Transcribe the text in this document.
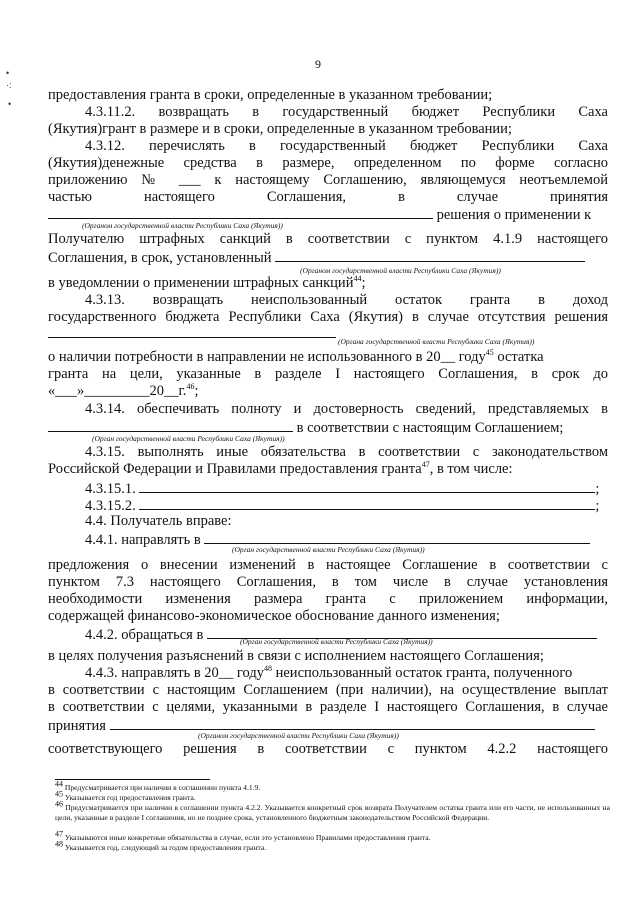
9
•
·:
•
предоставления гранта в сроки, определенные в указанном требовании;
4.3.11.2. возвращать в государственный бюджет Республики Саха
(Якутия)грант в размере и в сроки, определенные в указанном требовании;
4.3.12. перечислять в государственный бюджет Республики Саха
(Якутия)денежные средства в размере, определенном по форме согласно
приложению № ___ к настоящему Соглашению, являющемуся неотъемлемой
частью настоящего Соглашения, в случае принятия
решения о применении к
(Органом государственной власти Республики Саха (Якутия))
Получателю штрафных санкций в соответствии с пунктом 4.1.9 настоящего
Соглашения, в срок, установленный
(Органом государственной власти Республики Саха (Якутия))
в уведомлении о применении штрафных санкций$^{44}$;
4.3.13. возвращать неиспользованный остаток гранта в доход
государственного бюджета Республики Саха (Якутия) в случае отсутствия решения
(Органа государственной власти Республики Саха (Якутия))
о наличии потребности в направлении не использованного в 20__ году$^{45}$ остатка
гранта на цели, указанные в разделе I настоящего Соглашения, в срок до
«___»_________20__г.$^{46}$;
4.3.14. обеспечивать полноту и достоверность сведений, представляемых в
в соответствии с настоящим Соглашением;
(Орган государственной власти Республики Саха (Якутия))
4.3.15. выполнять иные обязательства в соответствии с законодательством
Российской Федерации и Правилами предоставления гранта$^{47}$, в том числе:
4.3.15.1.	;
4.3.15.2.	;
4.4. Получатель вправе:
4.4.1. направлять в
(Орган государственной власти Республики Саха (Якутия))
предложения о внесении изменений в настоящее Соглашение в соответствии с
пунктом 7.3 настоящего Соглашения, в том числе в случае установления
необходимости изменения размера гранта с приложением информации,
содержащей финансово-экономическое обоснование данного изменения;
4.4.2. обращаться в	(Орган государственной власти Республики Саха (Якутия))
в целях получения разъяснений в связи с исполнением настоящего Соглашения;
4.4.3. направлять в 20__ году$^{48}$ неиспользованный остаток гранта, полученного
в соответствии с настоящим Соглашением (при наличии), на осуществление выплат
в соответствии с целями, указанными в разделе I настоящего Соглашения, в случае
принятия
(Органом государственной власти Республики Саха (Якутия))
соответствующего решения в соответствии с пунктом 4.2.2 настоящего
$^{44}$ Предусматривается при наличии в соглашении пункта 4.1.9.
$^{45}$ Указывается год предоставления гранта.
$^{46}$ Предусматривается при наличии в соглашении пункта 4.2.2. Указывается конкретный срок возврата Получателем остатка гранта или его части, не использованных на цели, указанные в разделе I соглашения, но не позднее срока, установленного бюджетным законодательством Российской Федерации.
$^{47}$ Указываются иные конкретные обязательства в случае, если это установлено Правилами предоставления гранта.
$^{48}$ Указывается год, следующий за годом предоставления гранта.
